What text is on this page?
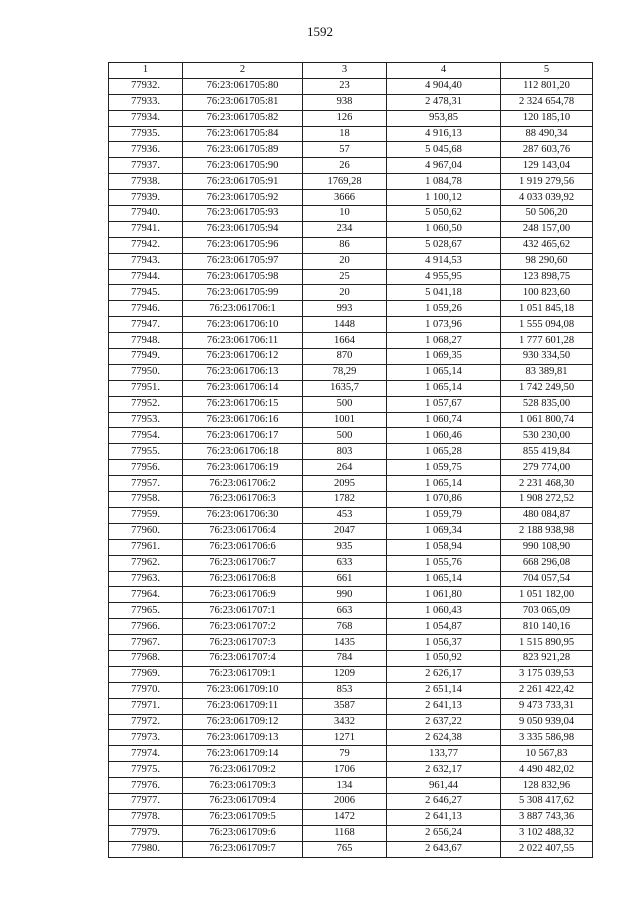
1592
1	2	3	4	5
77932.	76:23:061705:80	23	4 904,40	112 801,20
77933.	76:23:061705:81	938	2 478,31	2 324 654,78
77934.	76:23:061705:82	126	953,85	120 185,10
77935.	76:23:061705:84	18	4 916,13	88 490,34
77936.	76:23:061705:89	57	5 045,68	287 603,76
77937.	76:23:061705:90	26	4 967,04	129 143,04
77938.	76:23:061705:91	1769,28	1 084,78	1 919 279,56
77939.	76:23:061705:92	3666	1 100,12	4 033 039,92
77940.	76:23:061705:93	10	5 050,62	50 506,20
77941.	76:23:061705:94	234	1 060,50	248 157,00
77942.	76:23:061705:96	86	5 028,67	432 465,62
77943.	76:23:061705:97	20	4 914,53	98 290,60
77944.	76:23:061705:98	25	4 955,95	123 898,75
77945.	76:23:061705:99	20	5 041,18	100 823,60
77946.	76:23:061706:1	993	1 059,26	1 051 845,18
77947.	76:23:061706:10	1448	1 073,96	1 555 094,08
77948.	76:23:061706:11	1664	1 068,27	1 777 601,28
77949.	76:23:061706:12	870	1 069,35	930 334,50
77950.	76:23:061706:13	78,29	1 065,14	83 389,81
77951.	76:23:061706:14	1635,7	1 065,14	1 742 249,50
77952.	76:23:061706:15	500	1 057,67	528 835,00
77953.	76:23:061706:16	1001	1 060,74	1 061 800,74
77954.	76:23:061706:17	500	1 060,46	530 230,00
77955.	76:23:061706:18	803	1 065,28	855 419,84
77956.	76:23:061706:19	264	1 059,75	279 774,00
77957.	76:23:061706:2	2095	1 065,14	2 231 468,30
77958.	76:23:061706:3	1782	1 070,86	1 908 272,52
77959.	76:23:061706:30	453	1 059,79	480 084,87
77960.	76:23:061706:4	2047	1 069,34	2 188 938,98
77961.	76:23:061706:6	935	1 058,94	990 108,90
77962.	76:23:061706:7	633	1 055,76	668 296,08
77963.	76:23:061706:8	661	1 065,14	704 057,54
77964.	76:23:061706:9	990	1 061,80	1 051 182,00
77965.	76:23:061707:1	663	1 060,43	703 065,09
77966.	76:23:061707:2	768	1 054,87	810 140,16
77967.	76:23:061707:3	1435	1 056,37	1 515 890,95
77968.	76:23:061707:4	784	1 050,92	823 921,28
77969.	76:23:061709:1	1209	2 626,17	3 175 039,53
77970.	76:23:061709:10	853	2 651,14	2 261 422,42
77971.	76:23:061709:11	3587	2 641,13	9 473 733,31
77972.	76:23:061709:12	3432	2 637,22	9 050 939,04
77973.	76:23:061709:13	1271	2 624,38	3 335 586,98
77974.	76:23:061709:14	79	133,77	10 567,83
77975.	76:23:061709:2	1706	2 632,17	4 490 482,02
77976.	76:23:061709:3	134	961,44	128 832,96
77977.	76:23:061709:4	2006	2 646,27	5 308 417,62
77978.	76:23:061709:5	1472	2 641,13	3 887 743,36
77979.	76:23:061709:6	1168	2 656,24	3 102 488,32
77980.	76:23:061709:7	765	2 643,67	2 022 407,55
